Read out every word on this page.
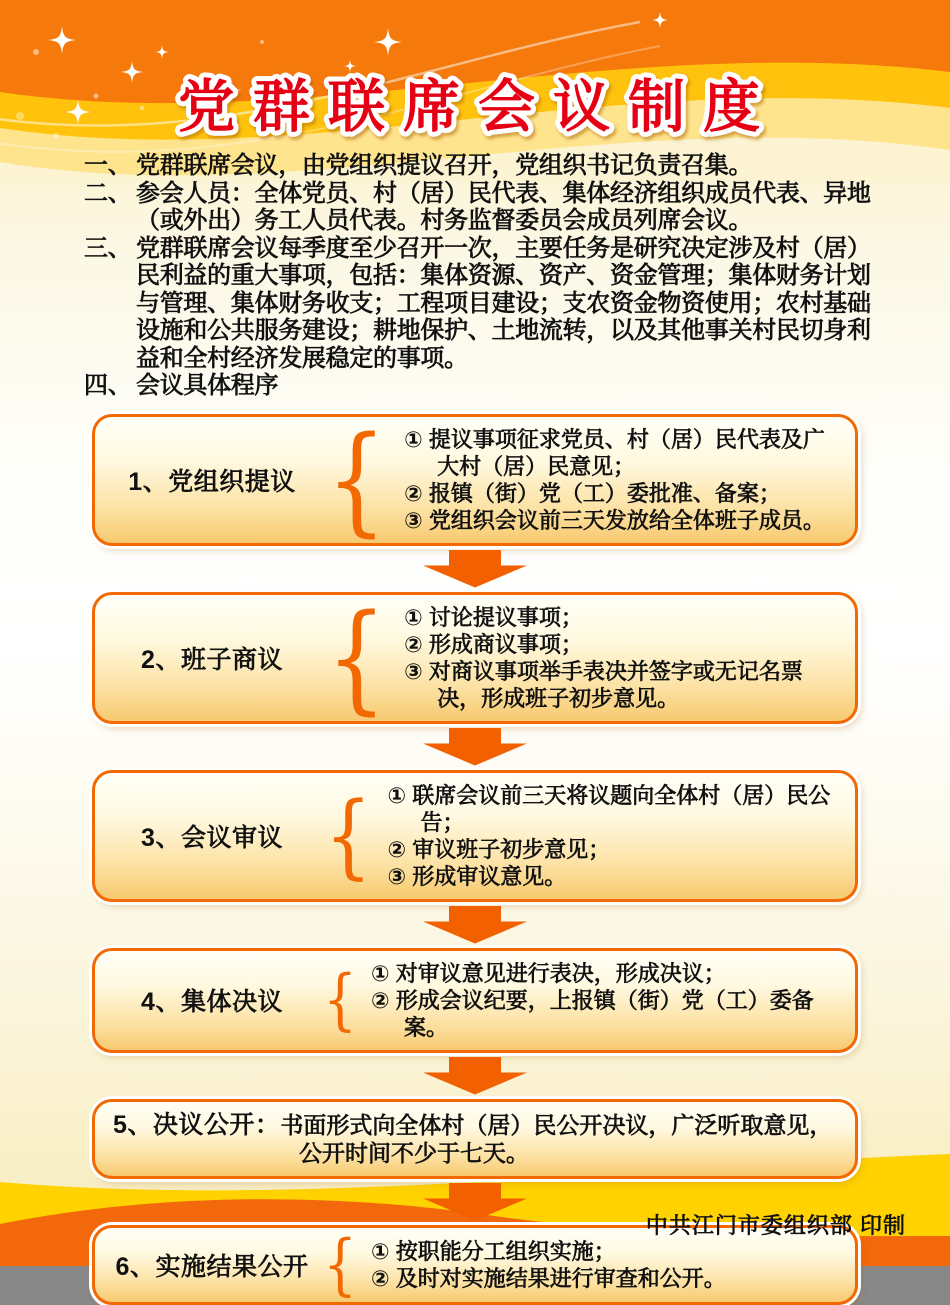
党群联席会议制度
一、 党群联席会议，由党组织提议召开，党组织书记负责召集。
二、 参会人员：全体党员、村（居）民代表、集体经济组织成员代表、异地（或外出）务工人员代表。村务监督委员会成员列席会议。
三、 党群联席会议每季度至少召开一次，主要任务是研究决定涉及村（居）民利益的重大事项，包括：集体资源、资产、资金管理；集体财务计划与管理、集体财务收支；工程项目建设；支农资金物资使用；农村基础设施和公共服务建设；耕地保护、土地流转，以及其他事关村民切身利益和全村经济发展稳定的事项。
四、 会议具体程序
1、党组织提议 { ① 提议事项征求党员、村（居）民代表及广大村（居）民意见；
② 报镇（街）党（工）委批准、备案；
③ 党组织会议前三天发放给全体班子成员。
2、班子商议 { ① 讨论提议事项；
② 形成商议事项；
③ 对商议事项举手表决并签字或无记名票决，形成班子初步意见。
3、会议审议 { ① 联席会议前三天将议题向全体村（居）民公告；
② 审议班子初步意见；
③ 形成审议意见。
4、集体决议 { ① 对审议意见进行表决，形成决议；
② 形成会议纪要，上报镇（街）党（工）委备案。
5、决议公开：书面形式向全体村（居）民公开决议，广泛听取意见，公开时间不少于七天。
6、实施结果公开 { ① 按职能分工组织实施；
② 及时对实施结果进行审查和公开。
中共江门市委组织部 印制
